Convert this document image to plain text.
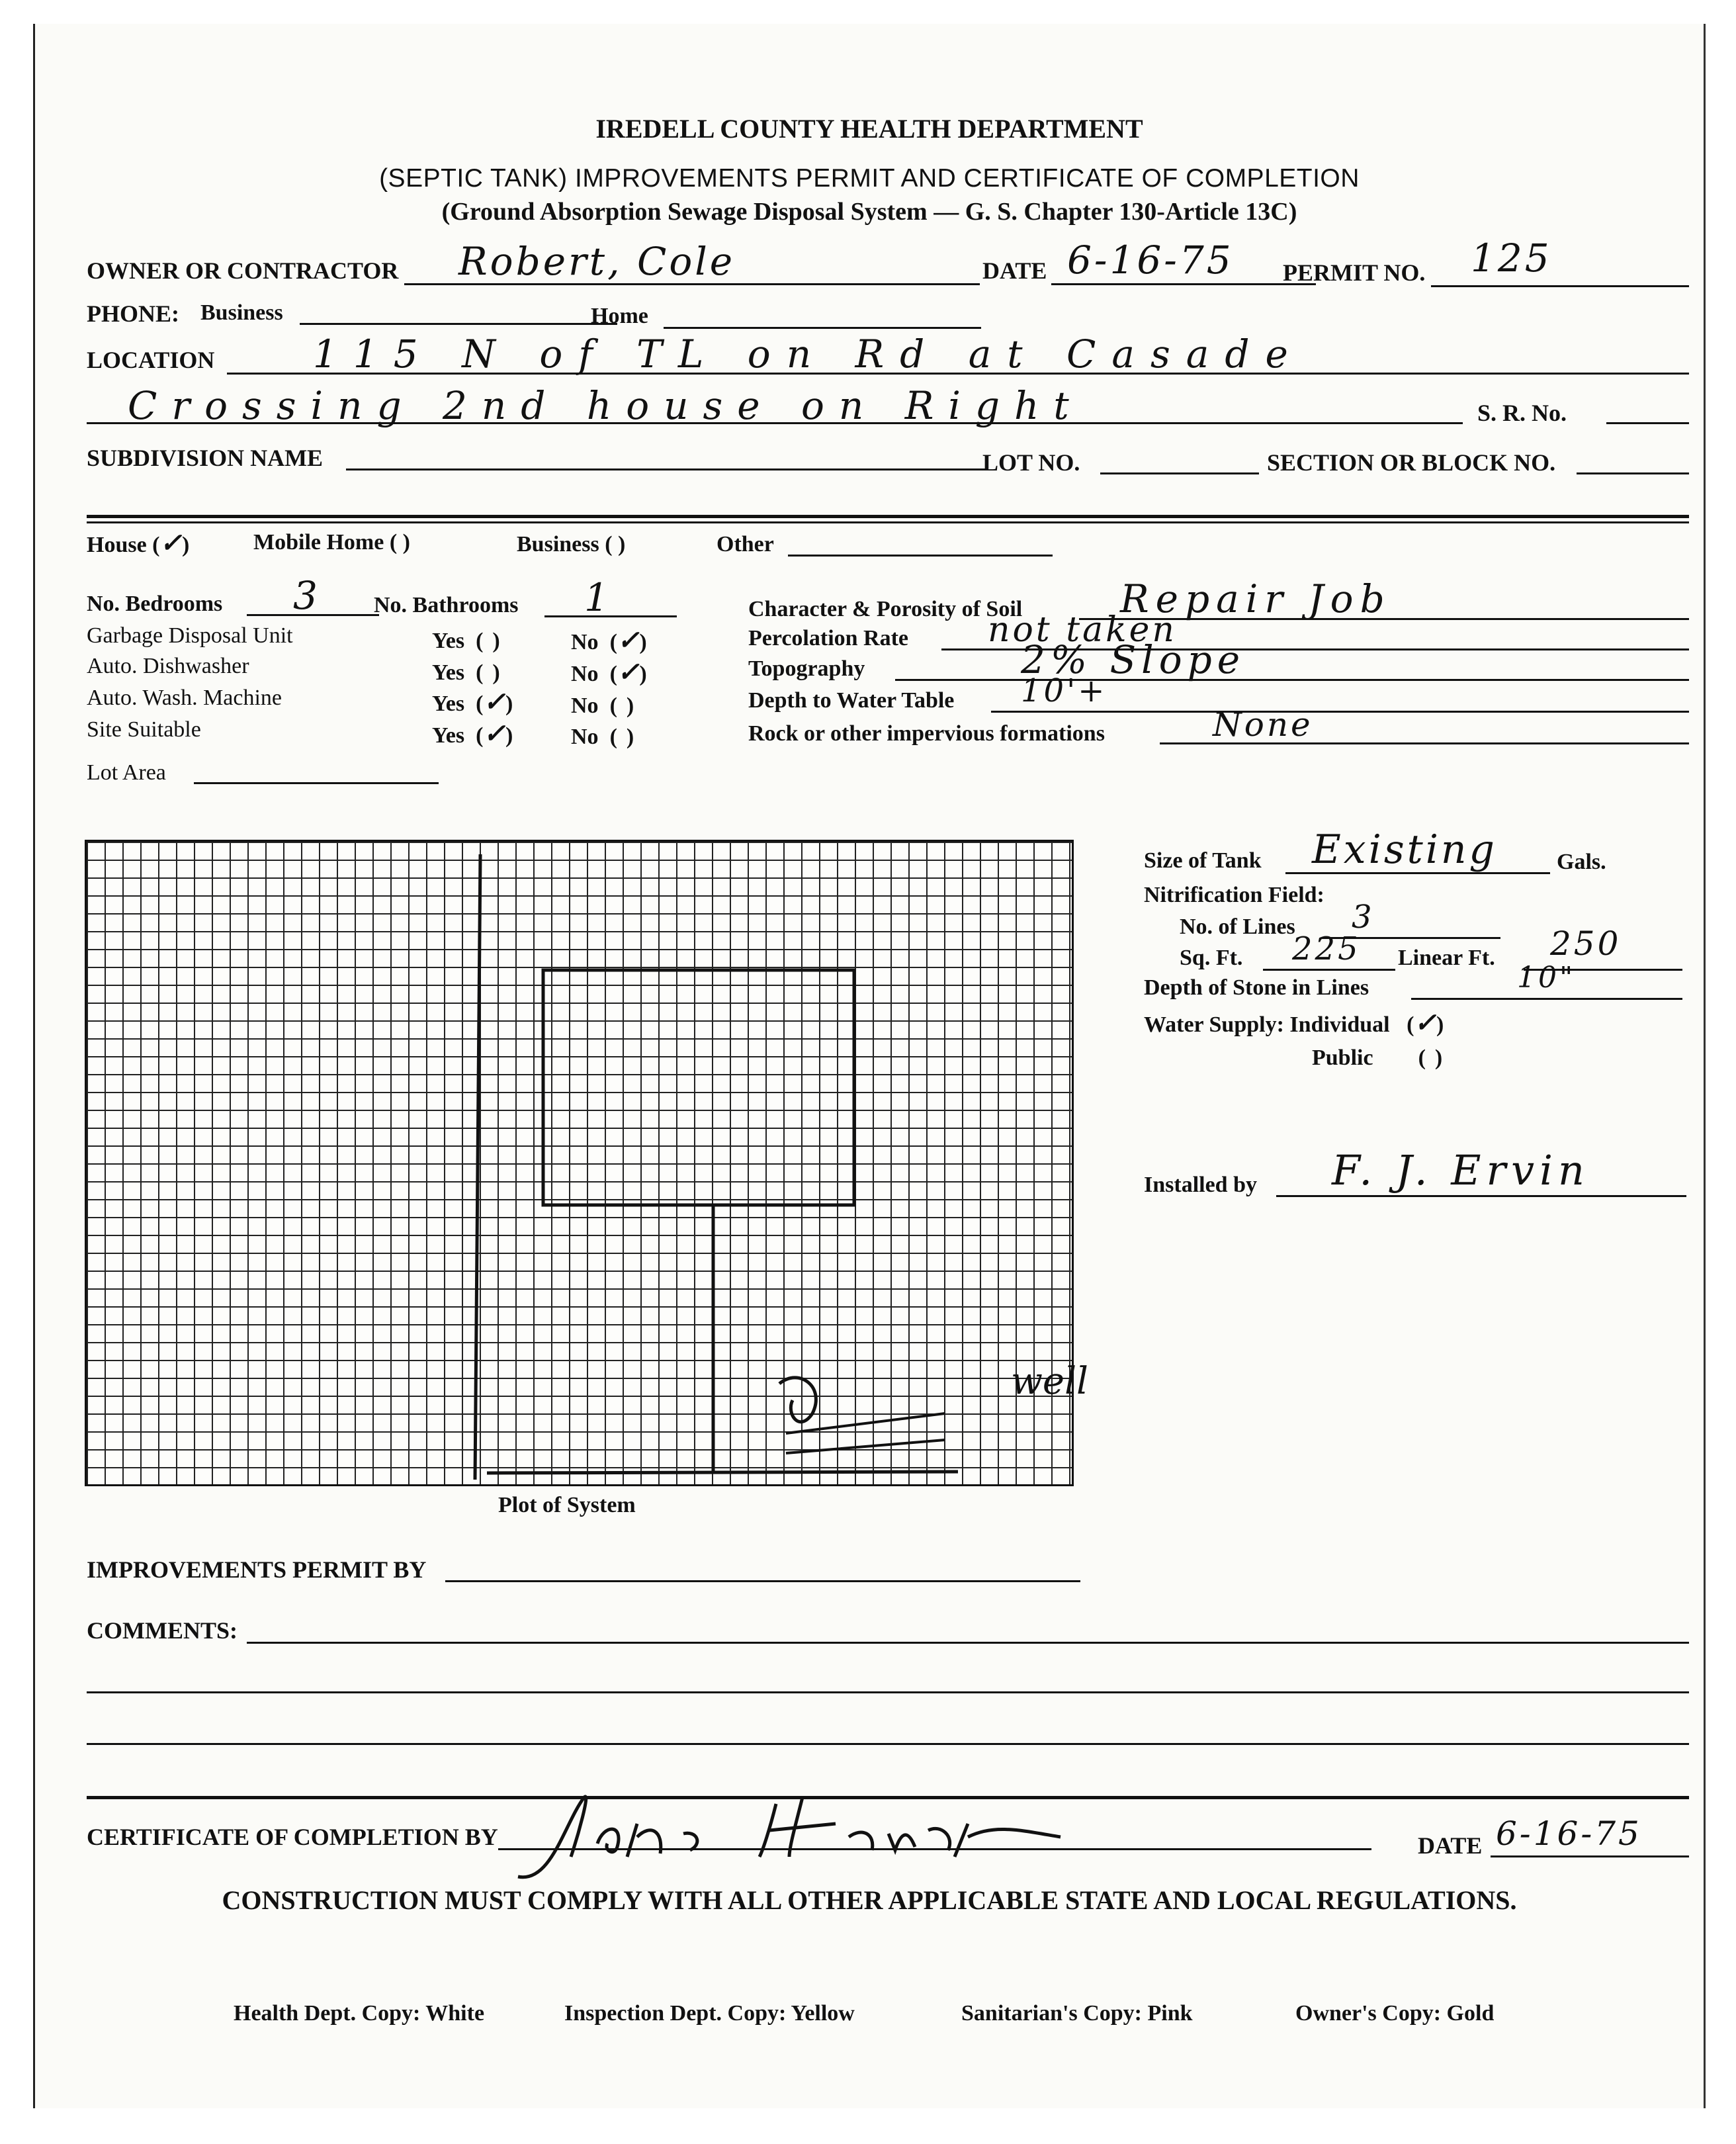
IREDELL COUNTY HEALTH DEPARTMENT
(SEPTIC TANK) IMPROVEMENTS PERMIT AND CERTIFICATE OF COMPLETION
(Ground Absorption Sewage Disposal System — G. S. Chapter 130-Article 13C)
OWNER OR CONTRACTOR Robert, Cole	DATE 6-16-75 PERMIT NO. 125
PHONE: Business	Home
LOCATION	115 N of TL on Rd at Casade
Crossing 2nd house on Right	S. R. No.
SUBDIVISION NAME	LOT NO.	SECTION OR BLOCK NO.
House (✓)	Mobile Home ( )	Business ( )	Other
No. Bedrooms 3 No. Bathrooms 1
Garbage Disposal Unit	Yes  ( )	No  (✓)
Auto. Dishwasher	Yes  ( )	No  (✓)
Auto. Wash. Machine	Yes  (✓)	No  ( )
Site Suitable	Yes  (✓)	No  ( )
Lot Area
Character & Porosity of Soil	Repair Job
Percolation Rate not taken
Topography	2% Slope
Depth to Water Table 10'+
Rock or other impervious formations	None
well
Plot of System
Size of Tank Existing	Gals.
Nitrification Field:
No. of Lines 3
Sq. Ft. 225 Linear Ft. 250
Depth of Stone in Lines	10"
Water Supply: Individual   (✓)
Public        ( )
Installed by F. J. Ervin
IMPROVEMENTS PERMIT BY
COMMENTS:
CERTIFICATE OF COMPLETION BY	DATE 6-16-75
CONSTRUCTION MUST COMPLY WITH ALL OTHER APPLICABLE STATE AND LOCAL REGULATIONS.
Health Dept. Copy: White	Inspection Dept. Copy: Yellow	Sanitarian's Copy: Pink	Owner's Copy: Gold
